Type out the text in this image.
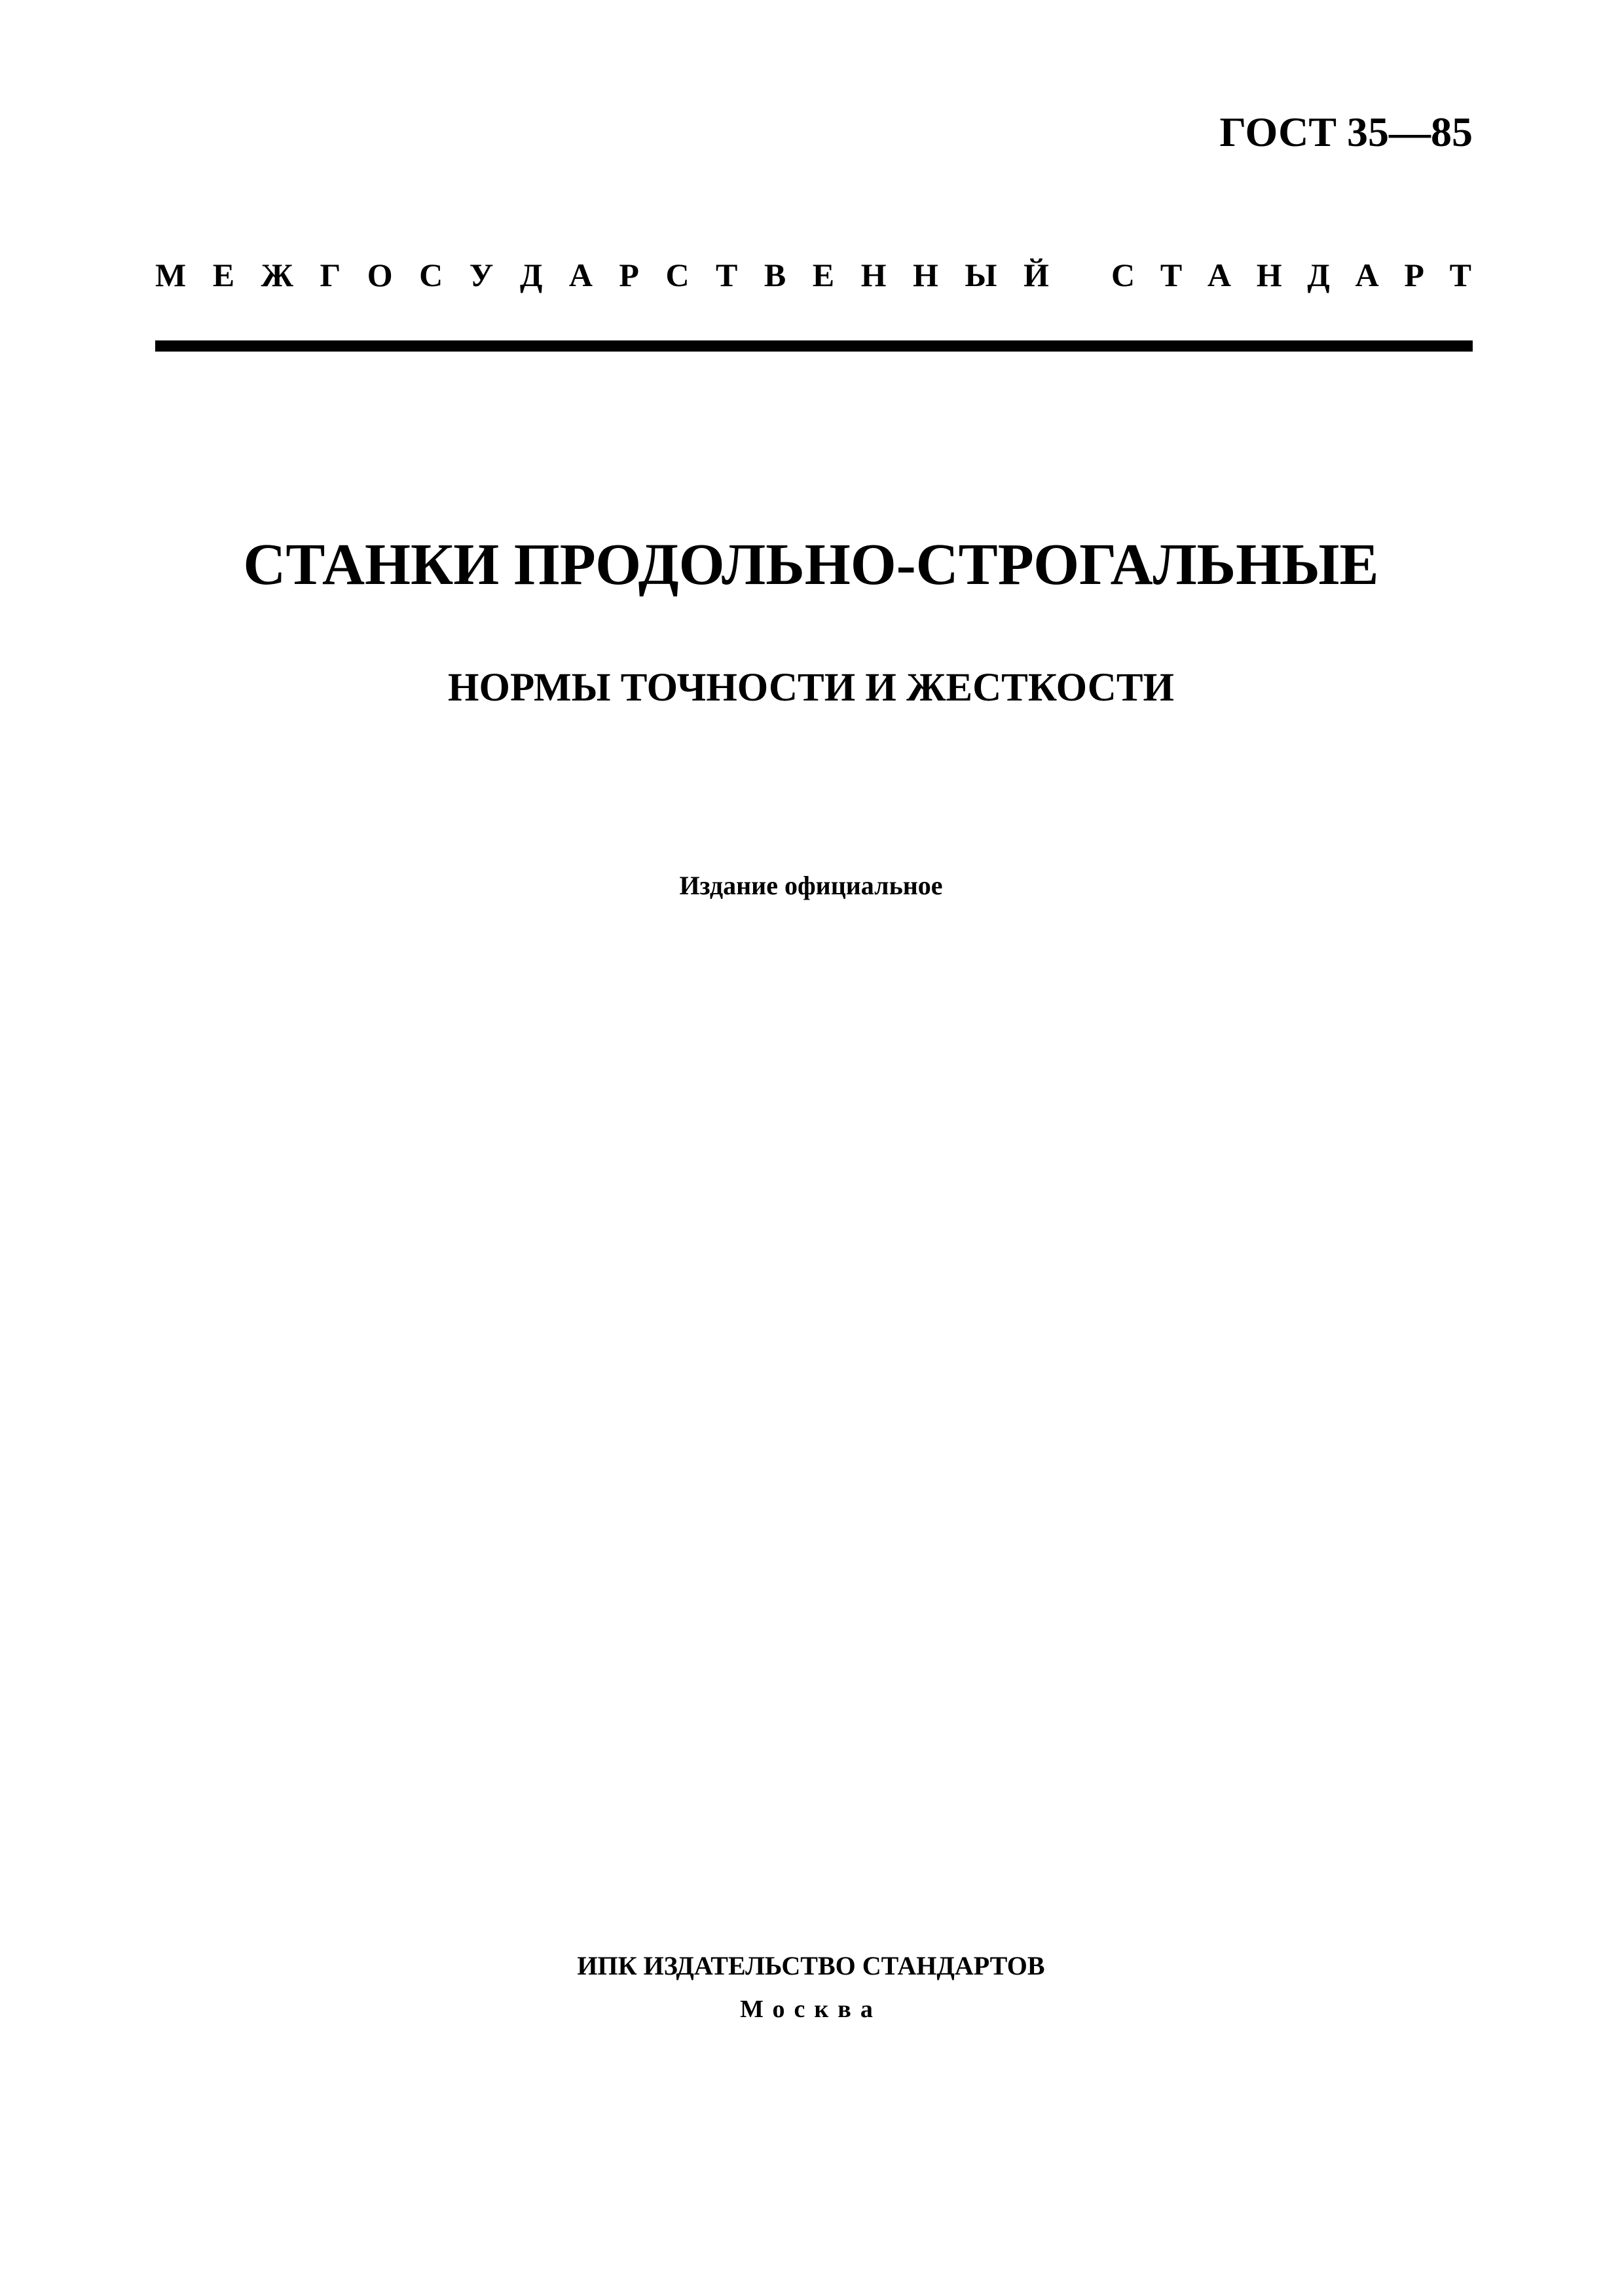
ГОСТ 35—85
М Е Ж Г О С У Д А Р С Т В Е Н Н Ы Й С Т А Н Д А Р Т
СТАНКИ ПРОДОЛЬНО-СТРОГАЛЬНЫЕ
НОРМЫ ТОЧНОСТИ И ЖЕСТКОСТИ
Издание официальное
ИПК ИЗДАТЕЛЬСТВО СТАНДАРТОВ
Москва
